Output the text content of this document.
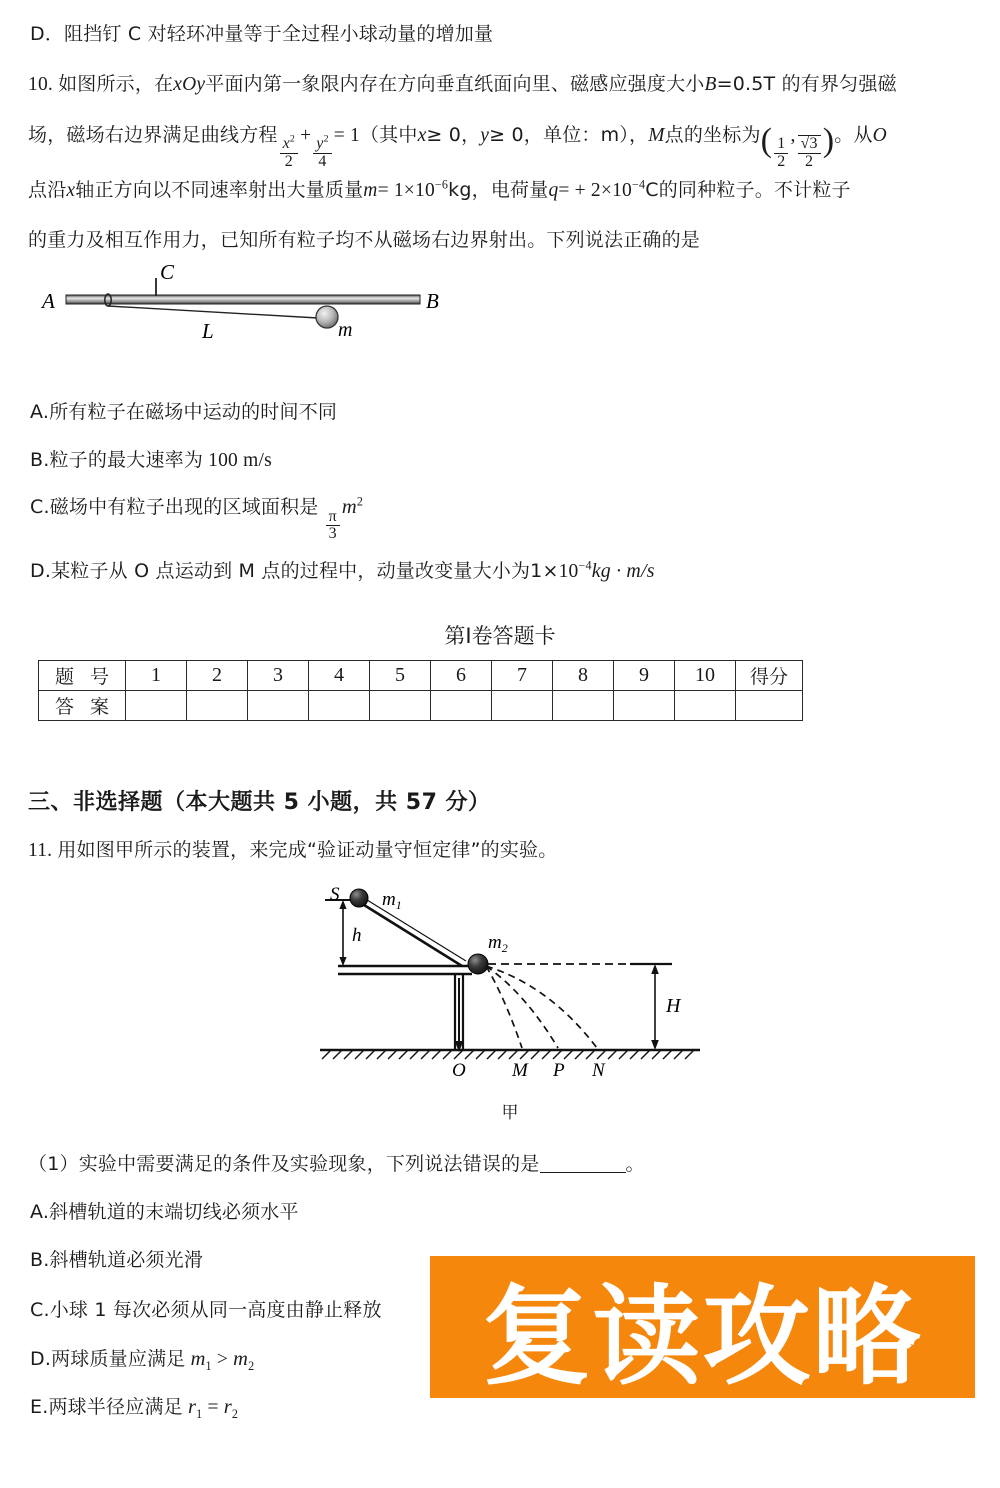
D．阻挡钉 C 对轻环冲量等于全过程小球动量的增加量
10. 如图所示，在xOy平面内第一象限内存在方向垂直纸面向里、磁感应强度大小B=0.5T 的有界匀强磁
场，磁场右边界满足曲线方程
$\frac{x^2}{2}$
+
$\frac{y^2}{4}$
= 1（其中x≥ 0，y≥ 0，单位：m），M点的坐标为( $\frac{1}{2}$
,
$\frac{√3}{2}$ )。从O
点沿x轴正方向以不同速率射出大量质量$m= 1\times 10^{-6}kg$，电荷量$q= + 2\times 10^{-4}C$的同种粒子。不计粒子
的重力及相互作用力，已知所有粒子均不从磁场右边界射出。下列说法正确的是
A	B
C
L	m
A.所有粒子在磁场中运动的时间不同
B.粒子的最大速率为 100 m/s
C.磁场中有粒子出现的区域面积是
$\frac{\pi}{3}$
$m^2$
D.某粒子从 O 点运动到 M 点的过程中，动量改变量大小为$1\times 10^{-4}kg \cdot m/s$
第Ⅰ卷答题卡
题 号	1	2	3	4	5	6	7	8	9	10	得分
答 案											
三、非选择题（本大题共 5 小题，共 57 分）
11. 用如图甲所示的装置，来完成“验证动量守恒定律”的实验。
S $m_1$
$m_2$
h
H
O M P N
甲
（1）实验中需要满足的条件及实验现象，下列说法错误的是	。
A.斜槽轨道的末端切线必须水平
B.斜槽轨道必须光滑
C.小球 1 每次必须从同一高度由静止释放
D.两球质量应满足 $m_1 > m_2$
E.两球半径应满足 $r_1 = r_2$
复读攻略
